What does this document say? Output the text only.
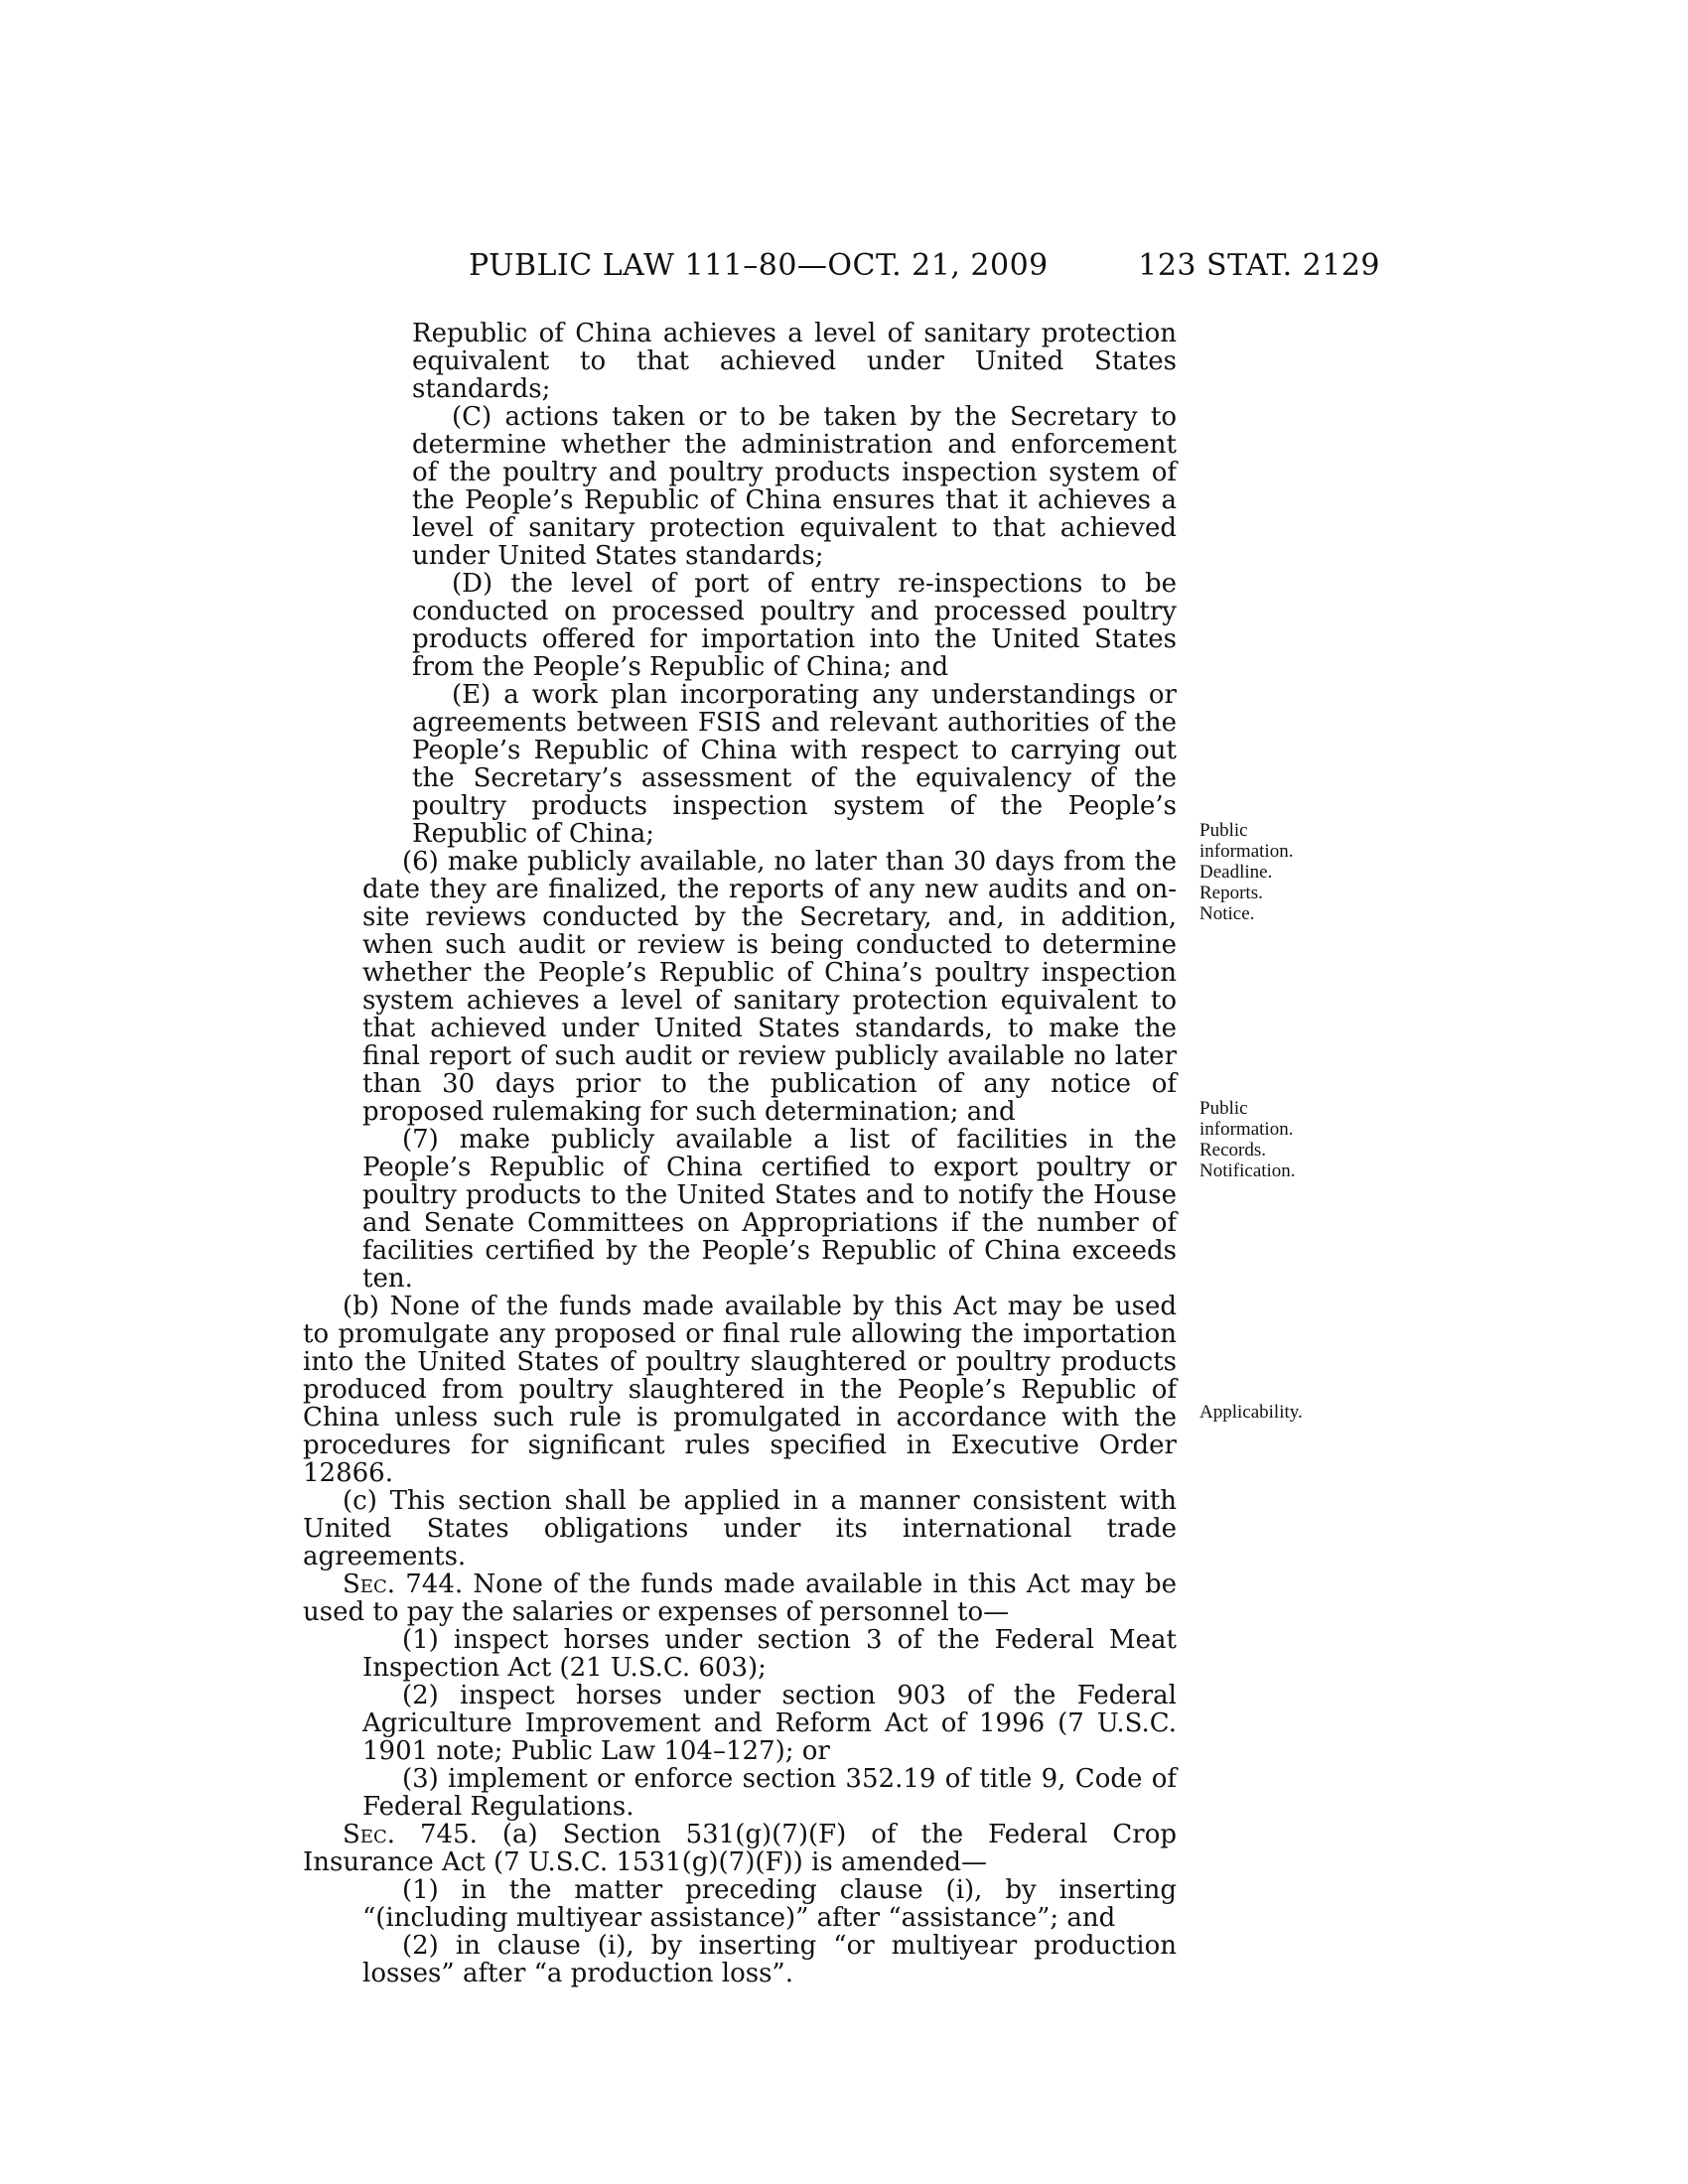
PUBLIC LAW 111–80—OCT. 21, 2009	123 STAT. 2129

Republic of China achieves a level of sanitary protection equivalent to that achieved under United States standards;

(C) actions taken or to be taken by the Secretary to determine whether the administration and enforcement of the poultry and poultry products inspection system of the People’s Republic of China ensures that it achieves a level of sanitary protection equivalent to that achieved under United States standards;

(D) the level of port of entry re-inspections to be conducted on processed poultry and processed poultry products offered for importation into the United States from the People’s Republic of China; and

(E) a work plan incorporating any understandings or agreements between FSIS and relevant authorities of the People’s Republic of China with respect to carrying out the Secretary’s assessment of the equivalency of the poultry products inspection system of the People’s Republic of China;

(6) make publicly available, no later than 30 days from the date they are finalized, the reports of any new audits and on-site reviews conducted by the Secretary, and, in addition, when such audit or review is being conducted to determine whether the People’s Republic of China’s poultry inspection system achieves a level of sanitary protection equivalent to that achieved under United States standards, to make the final report of such audit or review publicly available no later than 30 days prior to the publication of any notice of proposed rulemaking for such determination; and

(7) make publicly available a list of facilities in the People’s Republic of China certified to export poultry or poultry products to the United States and to notify the House and Senate Committees on Appropriations if the number of facilities certified by the People’s Republic of China exceeds ten.

(b) None of the funds made available by this Act may be used to promulgate any proposed or final rule allowing the importation into the United States of poultry slaughtered or poultry products produced from poultry slaughtered in the People’s Republic of China unless such rule is promulgated in accordance with the procedures for significant rules specified in Executive Order 12866.

(c) This section shall be applied in a manner consistent with United States obligations under its international trade agreements.

Sec. 744. None of the funds made available in this Act may be used to pay the salaries or expenses of personnel to—

(1) inspect horses under section 3 of the Federal Meat Inspection Act (21 U.S.C. 603);

(2) inspect horses under section 903 of the Federal Agriculture Improvement and Reform Act of 1996 (7 U.S.C. 1901 note; Public Law 104–127); or

(3) implement or enforce section 352.19 of title 9, Code of Federal Regulations.

Sec. 745. (a) Section 531(g)(7)(F) of the Federal Crop Insurance Act (7 U.S.C. 1531(g)(7)(F)) is amended—

(1) in the matter preceding clause (i), by inserting “(including multiyear assistance)” after “assistance”; and

(2) in clause (i), by inserting “or multiyear production losses” after “a production loss”.

Public
information.
Deadline.
Reports.
Notice.
Public
information.
Records.
Notification.
Applicability.
